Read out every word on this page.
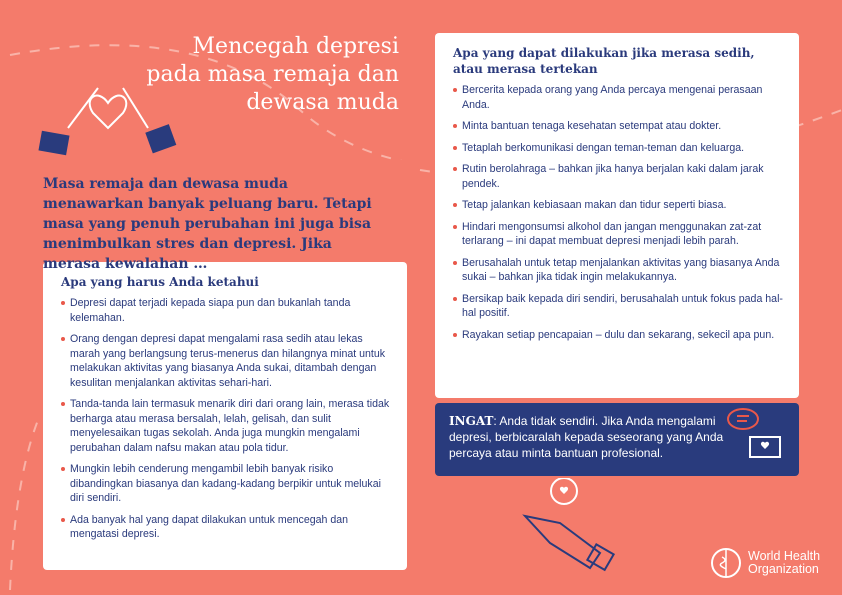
Mencegah depresi
pada masa remaja dan
dewasa muda

Masa remaja dan dewasa muda menawarkan banyak peluang baru. Tetapi masa yang penuh perubahan ini juga bisa menimbulkan stres dan depresi. Jika merasa kewalahan …

Apa yang harus Anda ketahui
Depresi dapat terjadi kepada siapa pun dan bukanlah tanda kelemahan.
Orang dengan depresi dapat mengalami rasa sedih atau lekas marah yang berlangsung terus-menerus dan hilangnya minat untuk melakukan aktivitas yang biasanya Anda sukai, ditambah dengan kesulitan menjalankan aktivitas sehari-hari.
Tanda-tanda lain termasuk menarik diri dari orang lain, merasa tidak berharga atau merasa bersalah, lelah, gelisah, dan sulit menyelesaikan tugas sekolah. Anda juga mungkin mengalami perubahan dalam nafsu makan atau pola tidur.
Mungkin lebih cenderung mengambil lebih banyak risiko dibandingkan biasanya dan kadang-kadang berpikir untuk melukai diri sendiri.
Ada banyak hal yang dapat dilakukan untuk mencegah dan mengatasi depresi.
Apa yang dapat dilakukan jika merasa sedih, atau merasa tertekan
Bercerita kepada orang yang Anda percaya mengenai perasaan Anda.
Minta bantuan tenaga kesehatan setempat atau dokter.
Tetaplah berkomunikasi dengan teman-teman dan keluarga.
Rutin berolahraga – bahkan jika hanya berjalan kaki dalam jarak pendek.
Tetap jalankan kebiasaan makan dan tidur seperti biasa.
Hindari mengonsumsi alkohol dan jangan menggunakan zat-zat terlarang – ini dapat membuat depresi menjadi lebih parah.
Berusahalah untuk tetap menjalankan aktivitas yang biasanya Anda sukai – bahkan jika tidak ingin melakukannya.
Bersikap baik kepada diri sendiri, berusahalah untuk fokus pada hal-hal positif.
Rayakan setiap pencapaian – dulu dan sekarang, sekecil apa pun.
INGAT: Anda tidak sendiri. Jika Anda mengalami depresi, berbicaralah kepada seseorang yang Anda percaya atau minta bantuan profesional.
World Health
Organization
